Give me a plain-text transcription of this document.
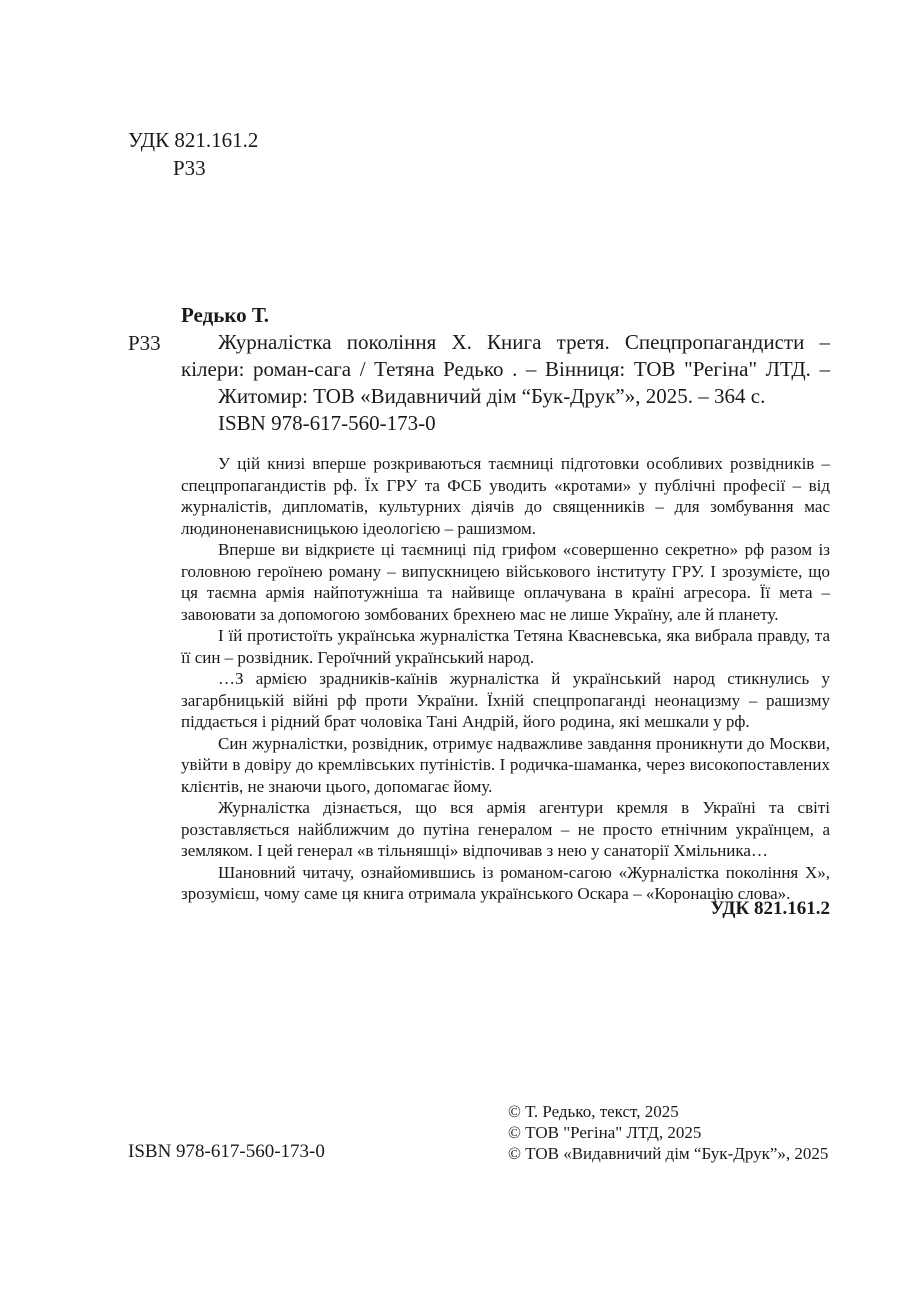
УДК 821.161.2
Р33
Редько Т.
Р33	Журналістка покоління Х. Книга третя. Спецпропагандисти –
кілери: роман-сага / Тетяна Редько . – Вінниця: ТОВ "Регіна" ЛТД. –
Житомир: ТОВ «Видавничий дім “Бук-Друк”», 2025. – 364 с.
ISBN 978-617-560-173-0

У цій книзі вперше розкриваються таємниці підготовки особливих розвідників – спецпропагандистів рф. Їх ГРУ та ФСБ уводить «кротами» у публічні професії – від журналістів, дипломатів, культурних діячів до священників – для зомбування мас людиноненависницькою ідеологією – рашизмом.

Вперше ви відкриєте ці таємниці під грифом «совершенно секретно» рф разом із головною героїнею роману – випускницею військового інституту ГРУ. І зрозумієте, що ця таємна армія найпотужніша та найвище оплачувана в країні агресора. Її мета – завоювати за допомогою зомбованих брехнею мас не лише Україну, але й планету.

І їй протистоїть українська журналістка Тетяна Квасневська, яка вибрала правду, та її син – розвідник. Героїчний український народ.

…З армією зрадників-каїнів журналістка й український народ стикнулись у загарбницькій війні рф проти України. Їхній спецпропаганді неонацизму – рашизму піддається і рідний брат чоловіка Тані Андрій, його родина, які мешкали у рф.

Син журналістки, розвідник, отримує надважливе завдання проникнути до Москви, увійти в довіру до кремлівських путіністів. І родичка-шаманка, через високопоставлених клієнтів, не знаючи цього, допомагає йому.

Журналістка дізнається, що вся армія агентури кремля в Україні та світі розставляється найближчим до путіна генералом – не просто етнічним українцем, а земляком. І цей генерал «в тільняшці» відпочивав з нею у санаторії Хмільника…

Шановний читачу, ознайомившись із романом-сагою «Журналістка покоління Х», зрозумієш, чому саме ця книга отримала українського Оскара – «Коронацію слова».

УДК 821.161.2
ISBN 978-617-560-173-0
© Т. Редько, текст, 2025
© ТОВ "Регіна" ЛТД, 2025
© ТОВ «Видавничий дім “Бук-Друк”», 2025
